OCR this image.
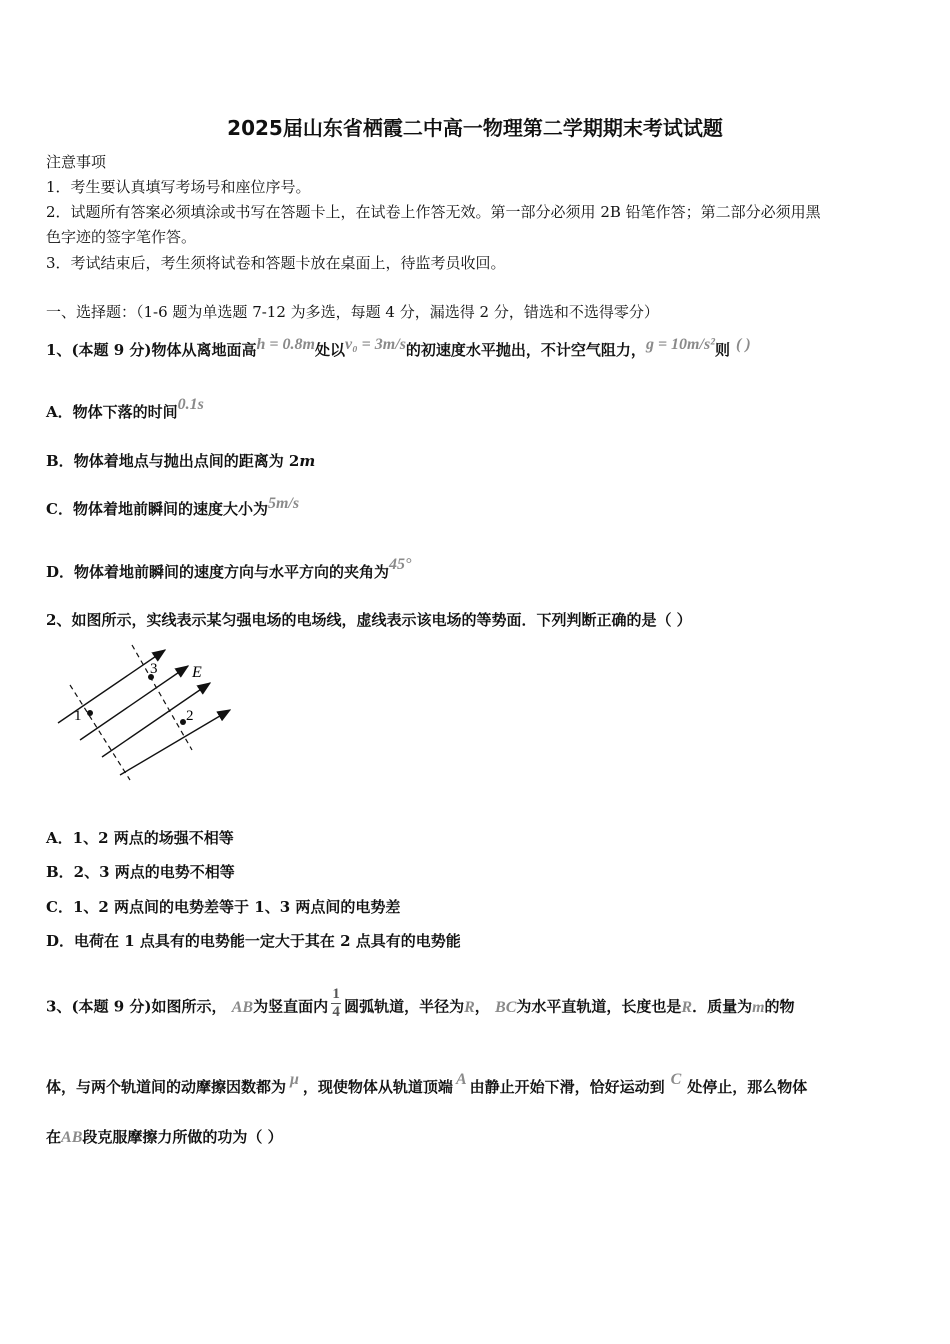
2025届山东省栖霞二中高一物理第二学期期末考试试题
注意事项
1．考生要认真填写考场号和座位序号。
2．试题所有答案必须填涂或书写在答题卡上，在试卷上作答无效。第一部分必须用 2B 铅笔作答；第二部分必须用黑
色字迹的签字笔作答。
3．考试结束后，考生须将试卷和答题卡放在桌面上，待监考员收回。
一、选择题：（1-6 题为单选题 7-12 为多选，每题 4 分，漏选得 2 分，错选和不选得零分）
1、(本题 9 分)物体从离地面高h = 0.8m处以v₀ = 3m/s的初速度水平抛出，不计空气阻力，g = 10m/s²则 ( )
A．物体下落的时间0.1s
B．物体着地点与抛出点间的距离为 2m
C．物体着地前瞬间的速度大小为5m/s
D．物体着地前瞬间的速度方向与水平方向的夹角为45°
2、如图所示，实线表示某匀强电场的电场线，虚线表示该电场的等势面．下列判断正确的是（ ）
1
3
2
E
A．1、2 两点的场强不相等
B．2、3 两点的电势不相等
C．1、2 两点间的电势差等于 1、3 两点间的电势差
D．电荷在 1 点具有的电势能一定大于其在 2 点具有的电势能
3、(本题 9 分)如图所示， AB为竖直面内 $\frac{1}{4}$ 圆弧轨道，半径为R， BC为水平直轨道，长度也是R．质量为m的物
体，与两个轨道间的动摩擦因数都为 μ ，现使物体从轨道顶端 A 由静止开始下滑，恰好运动到 C 处停止，那么物体
在AB段克服摩擦力所做的功为（ ）
